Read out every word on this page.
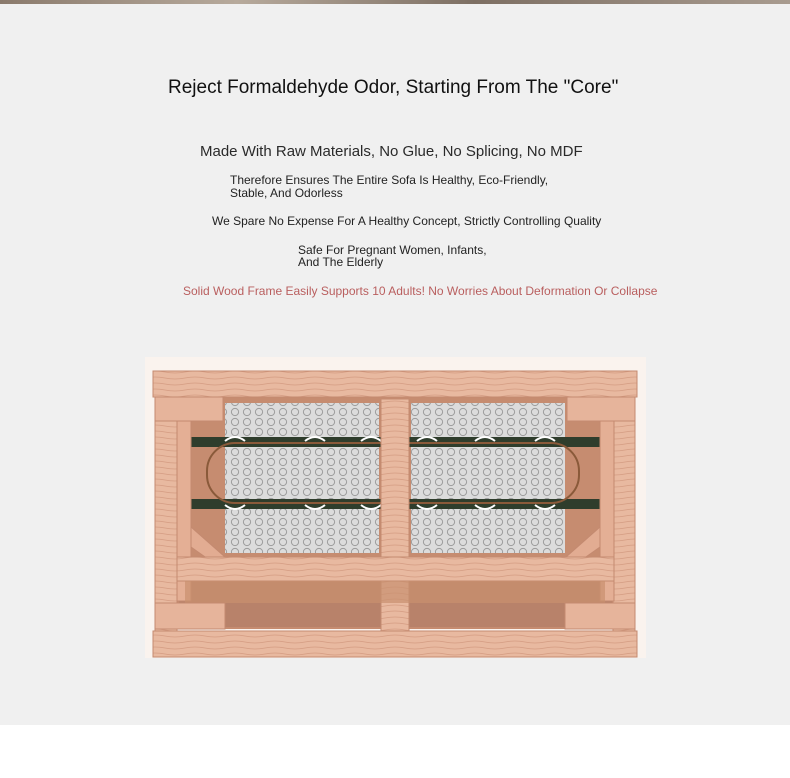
Reject Formaldehyde Odor, Starting From The "Core"
Made With Raw Materials, No Glue, No Splicing, No MDF
Therefore Ensures The Entire Sofa Is Healthy, Eco-Friendly,
Stable, And Odorless
We Spare No Expense For A Healthy Concept, Strictly Controlling Quality
Safe For Pregnant Women, Infants,
And The Elderly
Solid Wood Frame Easily Supports 10 Adults! No Worries About Deformation Or Collapse
